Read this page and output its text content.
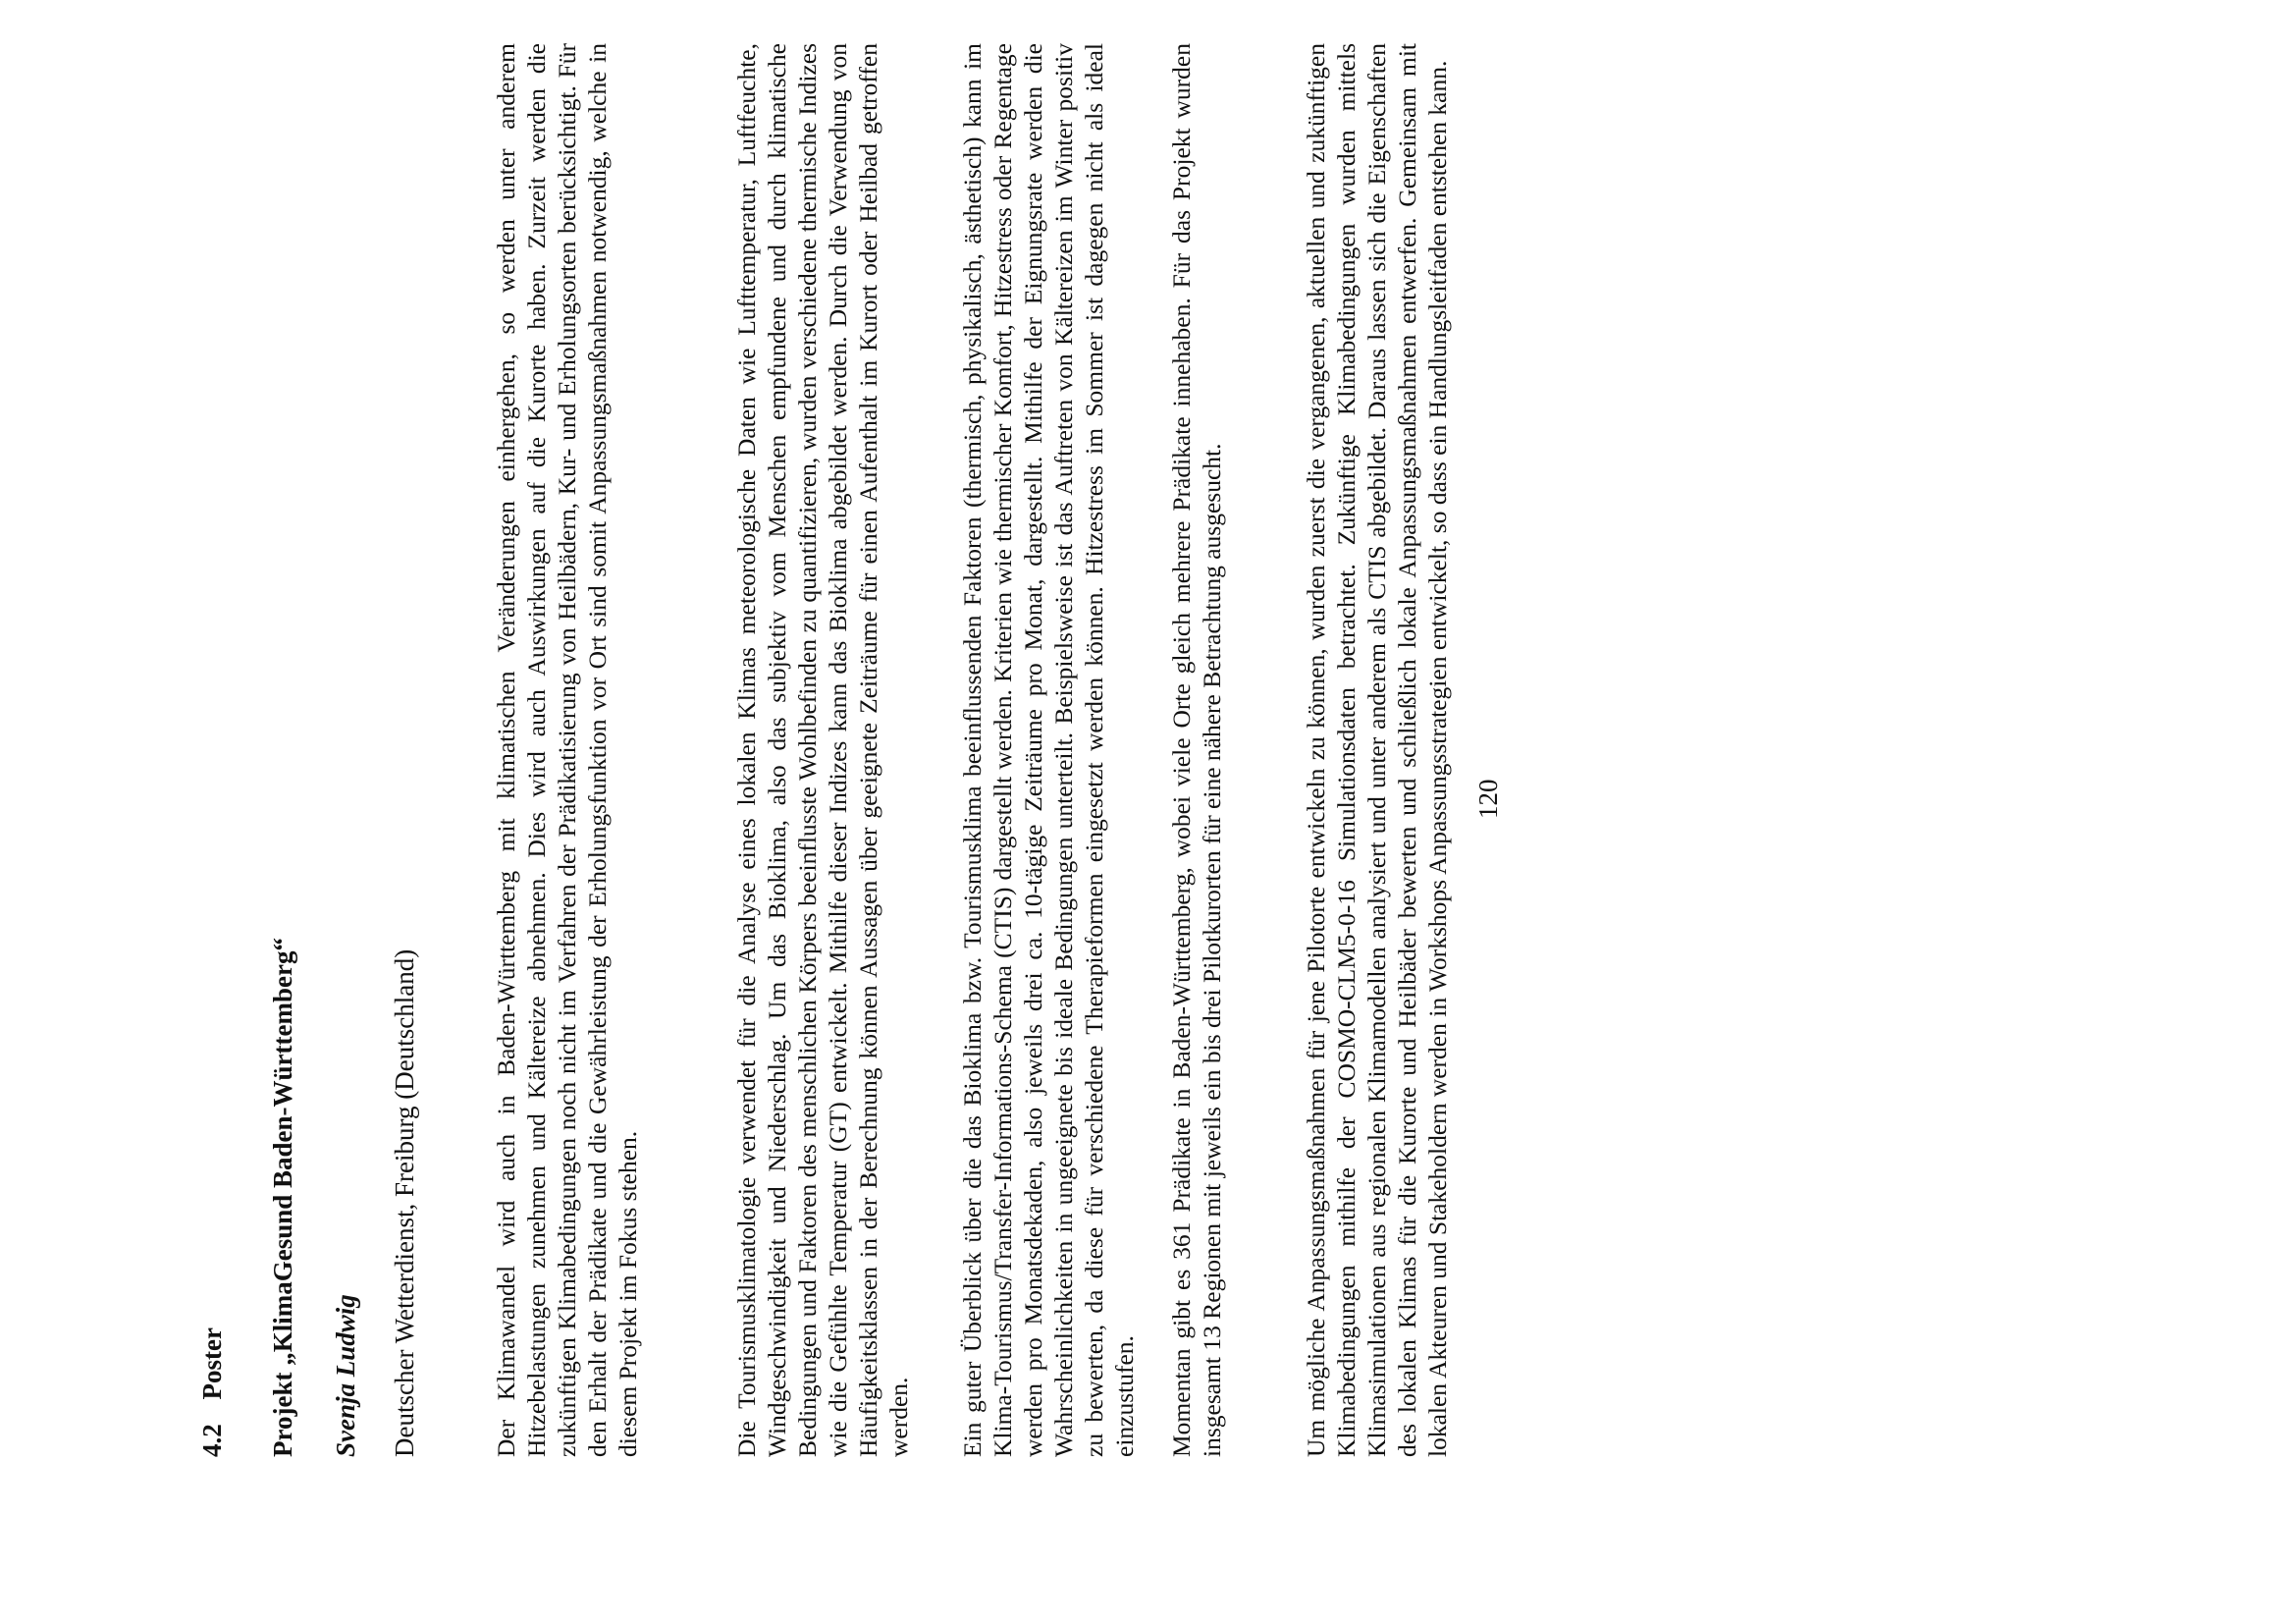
4.2 Poster Projekt „KlimaGesund Baden-Württemberg“ Svenja Ludwig Deutscher Wetterdienst, Freiburg (Deutschland)	Der Klimawandel wird auch in Baden-Württemberg mit klimatischen Veränderungen einhergehen, so werden unter anderem Hitzebelastungen zunehmen und Kältereize abnehmen. Dies wird auch Auswirkungen auf die Kurorte haben. Zurzeit werden die zukünftigen Klimabedingungen noch nicht im Verfahren der Prädikatisierung von Heilbädern, Kur- und Erholungsorten berücksichtigt. Für den Erhalt der Prädikate und die Gewährleistung der Erholungsfunktion vor Ort sind somit Anpassungsmaßnahmen notwendig, welche in diesem Projekt im Fokus stehen.	Die Tourismusklimatologie verwendet für die Analyse eines lokalen Klimas meteorologische Daten wie Lufttemperatur, Luftfeuchte, Windgeschwindigkeit und Niederschlag. Um das Bioklima, also das subjektiv vom Menschen empfundene und durch klimatische Bedingungen und Faktoren des menschlichen Körpers beeinflusste Wohlbefinden zu quantifizieren, wurden verschiedene thermische Indizes wie die Gefühlte Temperatur (GT) entwickelt. Mithilfe dieser Indizes kann das Bioklima abgebildet werden. Durch die Verwendung von Häufigkeitsklassen in der Berechnung können Aussagen über geeignete Zeiträume für einen Aufenthalt im Kurort oder Heilbad getroffen werden. Ein guter Überblick über die das Bioklima bzw. Tourismusklima beeinflussenden Faktoren (thermisch, physikalisch, ästhetisch) kann im Klima-Tourismus/Transfer-Informations-Schema (CTIS) dargestellt werden. Kriterien wie thermischer Komfort, Hitzestress oder Regentage werden pro Monatsdekaden, also jeweils drei ca. 10-tägige Zeiträume pro Monat, dargestellt. Mithilfe der Eignungsrate werden die Wahrscheinlichkeiten in ungeeignete bis ideale Bedingungen unterteilt. Beispielsweise ist das Auftreten von Kältereizen im Winter positiv zu bewerten, da diese für verschiedene Therapieformen eingesetzt werden können. Hitzestress im Sommer ist dagegen nicht als ideal einzustufen. Momentan gibt es 361 Prädikate in Baden-Württemberg, wobei viele Orte gleich mehrere Prädikate innehaben. Für das Projekt wurden insgesamt 13 Regionen mit jeweils ein bis drei Pilotkurorten für eine nähere Betrachtung ausgesucht.	Um mögliche Anpassungsmaßnahmen für jene Pilotorte entwickeln zu können, wurden zuerst die vergangenen, aktuellen und zukünftigen Klimabedingungen mithilfe der COSMO-CLM5-0-16 Simulationsdaten betrachtet. Zukünftige Klimabedingungen wurden mittels Klimasimulationen aus regionalen Klimamodellen analysiert und unter anderem als CTIS abgebildet. Daraus lassen sich die Eigenschaften des lokalen Klimas für die Kurorte und Heilbäder bewerten und schließlich lokale Anpassungsmaßnahmen entwerfen. Gemeinsam mit lokalen Akteuren und Stakeholdern werden in Workshops Anpassungsstrategien entwickelt, so dass ein Handlungsleitfaden entstehen kann. 120
